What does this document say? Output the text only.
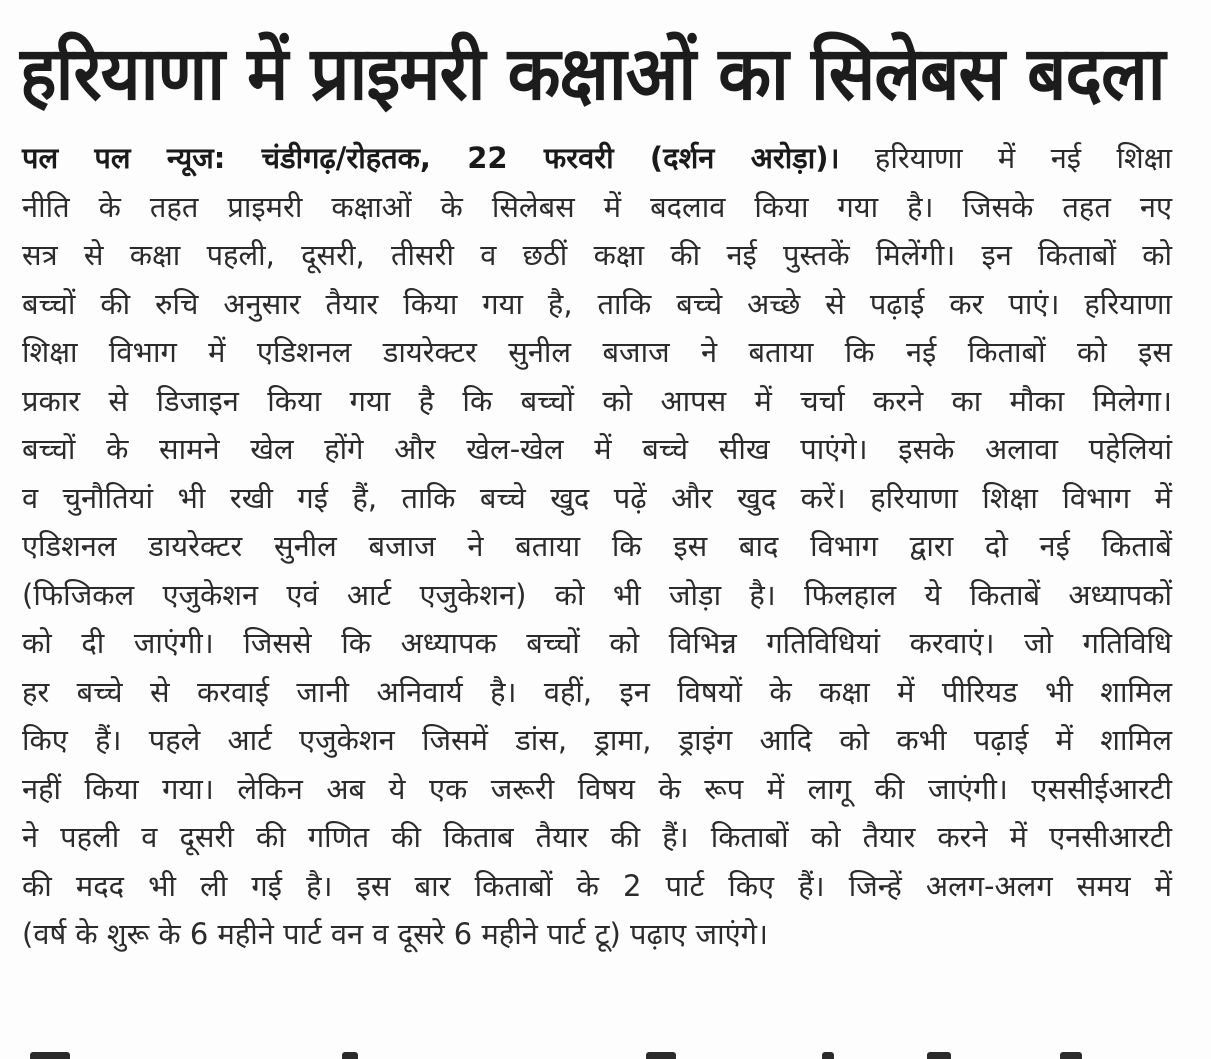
हरियाणा में प्राइमरी कक्षाओं का सिलेबस बदला
पल पल न्यूज: चंडीगढ़/रोहतक, 22 फरवरी (दर्शन अरोड़ा)। हरियाणा में नई शिक्षा
नीति के तहत प्राइमरी कक्षाओं के सिलेबस में बदलाव किया गया है। जिसके तहत नए
सत्र से कक्षा पहली, दूसरी, तीसरी व छठीं कक्षा की नई पुस्तकें मिलेंगी। इन किताबों को
बच्चों की रुचि अनुसार तैयार किया गया है, ताकि बच्चे अच्छे से पढ़ाई कर पाएं। हरियाणा
शिक्षा विभाग में एडिशनल डायरेक्टर सुनील बजाज ने बताया कि नई किताबों को इस
प्रकार से डिजाइन किया गया है कि बच्चों को आपस में चर्चा करने का मौका मिलेगा।
बच्चों के सामने खेल होंगे और खेल-खेल में बच्चे सीख पाएंगे। इसके अलावा पहेलियां
व चुनौतियां भी रखी गई हैं, ताकि बच्चे खुद पढ़ें और खुद करें। हरियाणा शिक्षा विभाग में
एडिशनल डायरेक्टर सुनील बजाज ने बताया कि इस बाद विभाग द्वारा दो नई किताबें
(फिजिकल एजुकेशन एवं आर्ट एजुकेशन) को भी जोड़ा है। फिलहाल ये किताबें अध्यापकों
को दी जाएंगी। जिससे कि अध्यापक बच्चों को विभिन्न गतिविधियां करवाएं। जो गतिविधि
हर बच्चे से करवाई जानी अनिवार्य है। वहीं, इन विषयों के कक्षा में पीरियड भी शामिल
किए हैं। पहले आर्ट एजुकेशन जिसमें डांस, ड्रामा, ड्राइंग आदि को कभी पढ़ाई में शामिल
नहीं किया गया। लेकिन अब ये एक जरूरी विषय के रूप में लागू की जाएंगी। एससीईआरटी
ने पहली व दूसरी की गणित की किताब तैयार की हैं। किताबों को तैयार करने में एनसीआरटी
की मदद भी ली गई है। इस बार किताबों के 2 पार्ट किए हैं। जिन्हें अलग-अलग समय में
(वर्ष के शुरू के 6 महीने पार्ट वन व दूसरे 6 महीने पार्ट टू) पढ़ाए जाएंगे।
